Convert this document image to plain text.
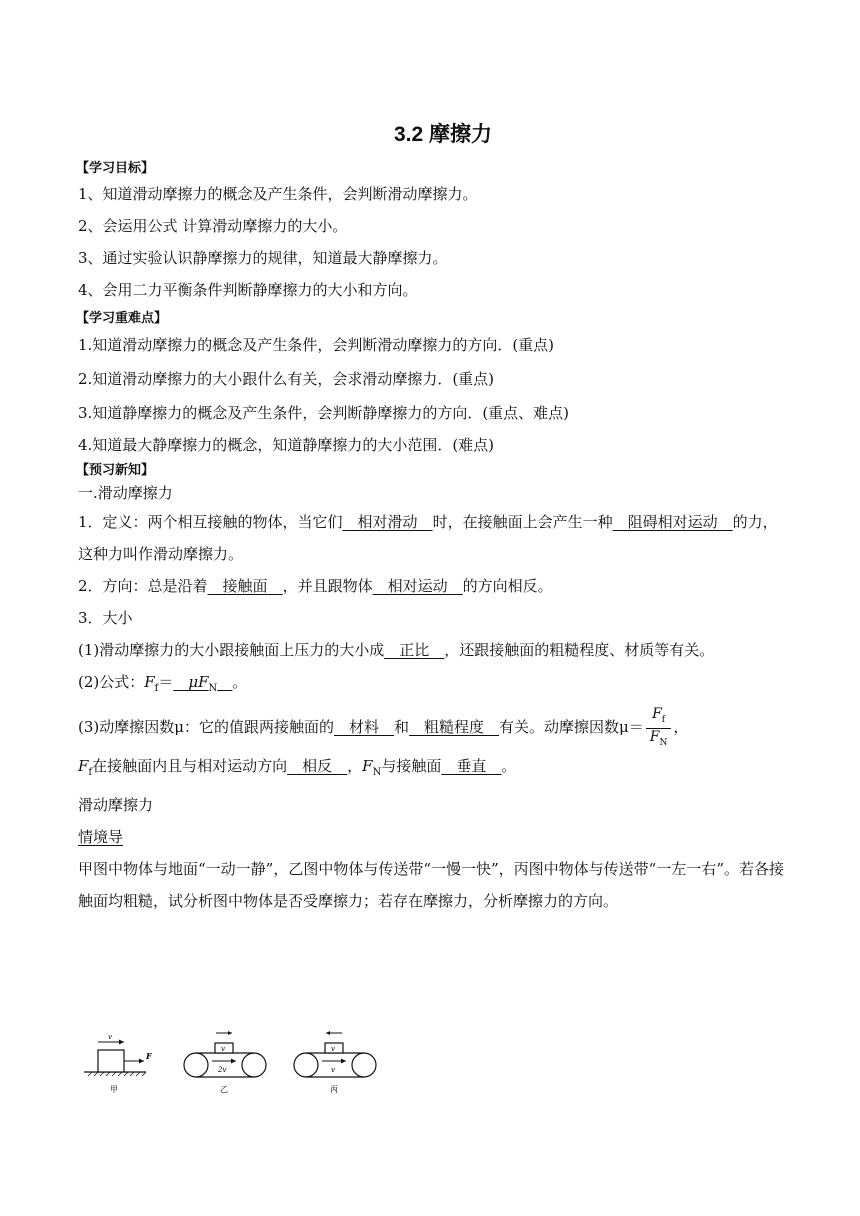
3.2 摩擦力
【学习目标】
1、知道滑动摩擦力的概念及产生条件，会判断滑动摩擦力。
2、会运用公式 计算滑动摩擦力的大小。
3、通过实验认识静摩擦力的规律，知道最大静摩擦力。
4、会用二力平衡条件判断静摩擦力的大小和方向。
【学习重难点】
1.知道滑动摩擦力的概念及产生条件，会判断滑动摩擦力的方向．(重点)
2.知道滑动摩擦力的大小跟什么有关，会求滑动摩擦力．(重点)
3.知道静摩擦力的概念及产生条件，会判断静摩擦力的方向．(重点、难点)
4.知道最大静摩擦力的概念，知道静摩擦力的大小范围．(难点)
【预习新知】
一.滑动摩擦力
1．定义：两个相互接触的物体，当它们__相对滑动__时，在接触面上会产生一种__阻碍相对运动__的力，这种力叫作滑动摩擦力。
2．方向：总是沿着__接触面__，并且跟物体__相对运动__的方向相反。
3．大小
(1)滑动摩擦力的大小跟接触面上压力的大小成__正比__，还跟接触面的粗糙程度、材质等有关。
(2)公式：$F_f=\_\_\mu F_N\_\_$。
(3)动摩擦因数μ：它的值跟两接触面的__材料__和__粗糙程度__有关。动摩擦因数$\mu= \frac{F_f}{F_N}$ ，
$F_f$在接触面内且与相对运动方向__相反__，$F_N$与接触面__垂直__。
滑动摩擦力
情境导
甲图中物体与地面“一动一静”，乙图中物体与传送带“一慢一快”，丙图中物体与传送带“一左一右”。若各接触面均粗糙，试分析图中物体是否受摩擦力；若存在摩擦力，分析摩擦力的方向。
v
F
甲
v
2v
乙
v
v
丙
